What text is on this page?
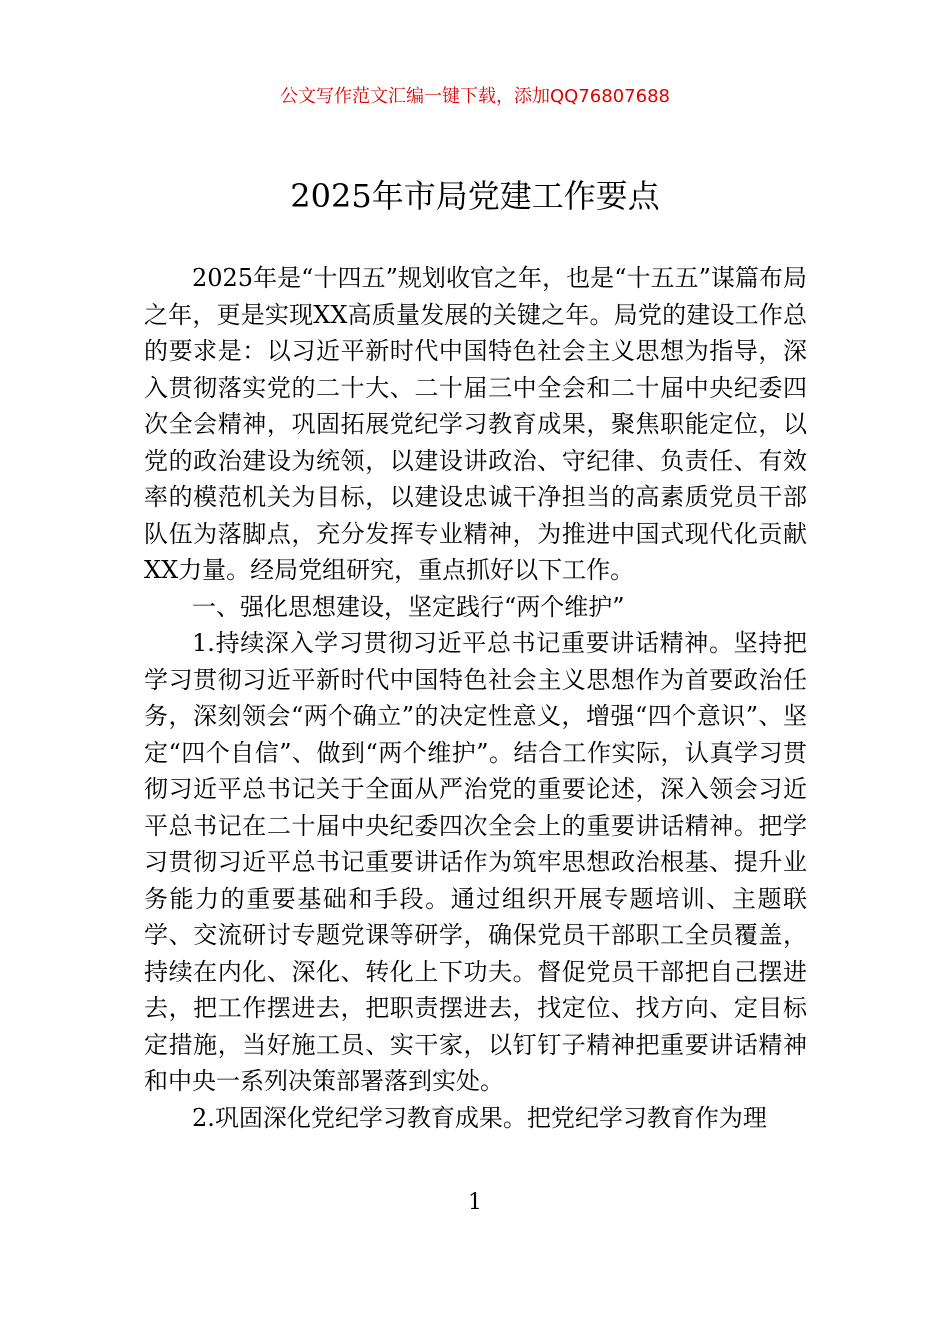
公文写作范文汇编一键下载，添加QQ76807688
2025年市局党建工作要点

2025年是“十四五”规划收官之年，也是“十五五”谋篇布局之年，更是实现XX高质量发展的关键之年。局党的建设工作总的要求是：以习近平新时代中国特色社会主义思想为指导，深入贯彻落实党的二十大、二十届三中全会和二十届中央纪委四次全会精神，巩固拓展党纪学习教育成果，聚焦职能定位，以党的政治建设为统领，以建设讲政治、守纪律、负责任、有效率的模范机关为目标，以建设忠诚干净担当的高素质党员干部队伍为落脚点，充分发挥专业精神，为推进中国式现代化贡献XX力量。经局党组研究，重点抓好以下工作。

一、强化思想建设，坚定践行“两个维护”

1.持续深入学习贯彻习近平总书记重要讲话精神。坚持把学习贯彻习近平新时代中国特色社会主义思想作为首要政治任务，深刻领会“两个确立”的决定性意义，增强“四个意识”、坚定“四个自信”、做到“两个维护”。结合工作实际，认真学习贯彻习近平总书记关于全面从严治党的重要论述，深入领会习近平总书记在二十届中央纪委四次全会上的重要讲话精神。把学习贯彻习近平总书记重要讲话作为筑牢思想政治根基、提升业务能力的重要基础和手段。通过组织开展专题培训、主题联学、交流研讨专题党课等研学，确保党员干部职工全员覆盖，持续在内化、深化、转化上下功夫。督促党员干部把自己摆进去，把工作摆进去，把职责摆进去，找定位、找方向、定目标定措施，当好施工员、实干家，以钉钉子精神把重要讲话精神和中央一系列决策部署落到实处。

2.巩固深化党纪学习教育成果。把党纪学习教育作为理

1
